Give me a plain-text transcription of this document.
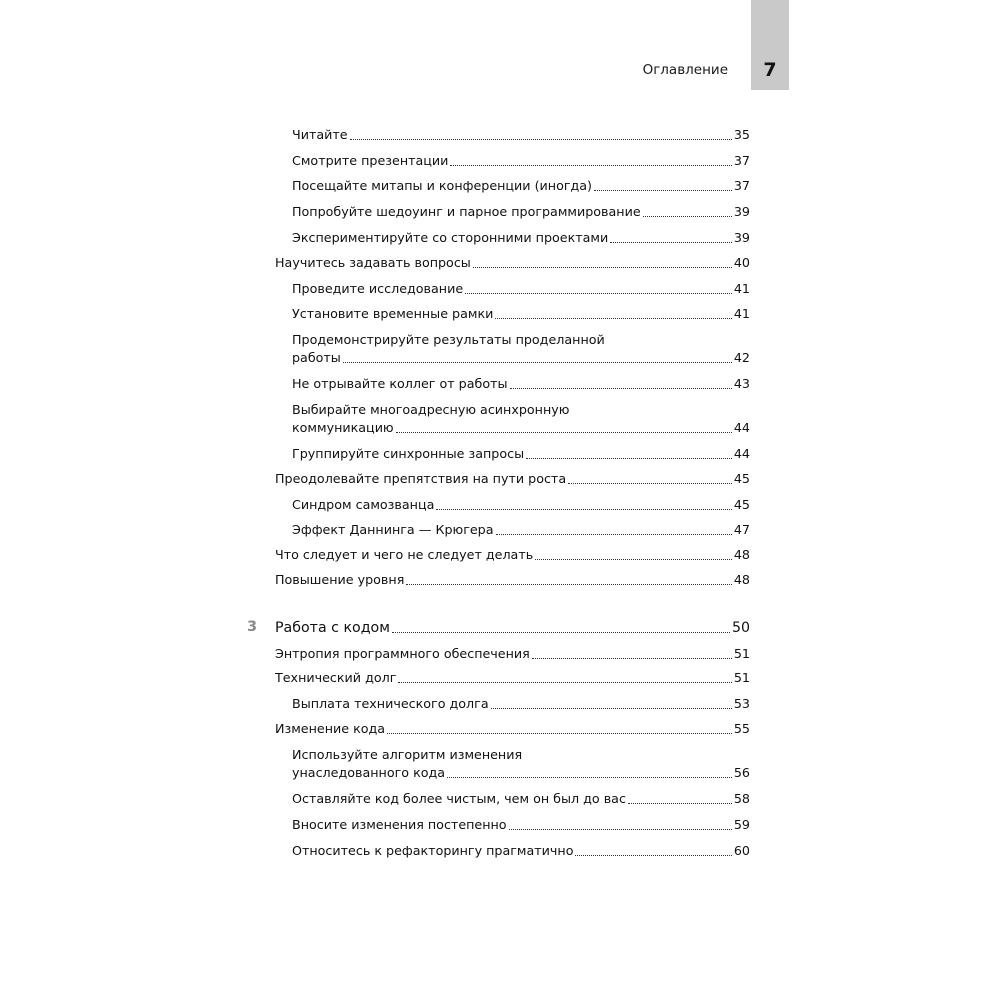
Оглавление	7
3
Читайте	35
Смотрите презентации	37
Посещайте митапы и конференции (иногда)	37
Попробуйте шедоуинг и парное программирование	39
Экспериментируйте со сторонними проектами	39
Научитесь задавать вопросы	40
Проведите исследование	41
Установите временные рамки	41
Продемонстрируйте результаты проделанной
работы	42
Не отрывайте коллег от работы	43
Выбирайте многоадресную асинхронную
коммуникацию	44
Группируйте синхронные запросы	44
Преодолевайте препятствия на пути роста	45
Синдром самозванца	45
Эффект Даннинга — Крюгера	47
Что следует и чего не следует делать	48
Повышение уровня	48
Работа с кодом	50
Энтропия программного обеспечения	51
Технический долг	51
Выплата технического долга	53
Изменение кода	55
Используйте алгоритм изменения
унаследованного кода	56
Оставляйте код более чистым, чем он был до вас	58
Вносите изменения постепенно	59
Относитесь к рефакторингу прагматично	60
